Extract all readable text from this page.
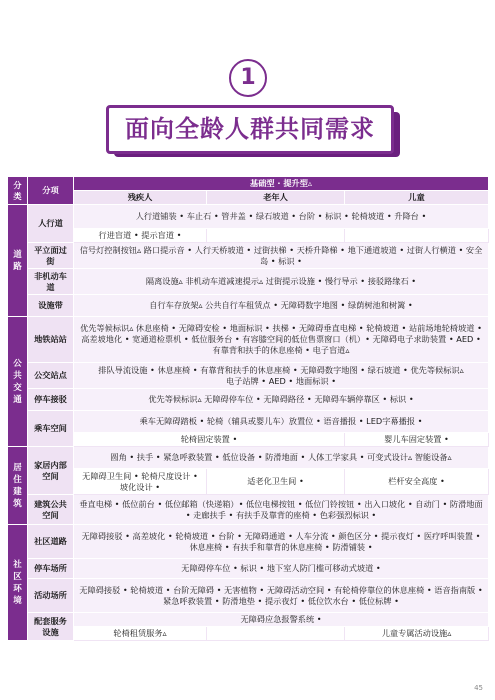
1
面向全龄人群共同需求
分类	分项	基础型 · 提升型▵		
		残疾人	老年人	儿童
道路	人行道	人行道铺装 • 车止石 • 管井盖 • 绿石坡道 • 台阶 • 标识 • 轮椅坡道 • 升降台 •		
		行进盲道 • 提示盲道 •		
	平立面过街	信号灯控制按钮▵ 路口提示音 • 人行天桥坡道 • 过街扶梯 • 天桥升降梯 • 地下通道坡道 • 过街人行横道 • 安全岛 • 标识 •		
	非机动车道	隔离设施▵ 非机动车道减速提示▵ 过街提示设施 • 慢行导示 • 接驳路缘石 •		
	设施带	自行车存放架▵ 公共自行车租赁点 • 无障碍数字地图 • 绿荫树池和树篱 •		
公共交通	地铁站站	优先等候标识▵ 休息座椅 • 无障碍安检 • 地面标识 • 扶梯 • 无障碍垂直电梯 • 轮椅坡道 • 站前场地轮椅坡道 • 高差坡地化 • 宽通道检票机 • 低位服务台 • 有容膝空间的低位售票窗口（机）• 无障碍电子求助装置 • AED • 有靠背和扶手的休息座椅 • 电子盲道▵		
	公交站点	排队导流设施 • 休息座椅 • 有靠背和扶手的休息座椅 • 无障碍数字地图 • 绿石坡道 • 优先等候标识▵
电子站牌 • AED • 地面标识 •		
	停车接驳	优先等候标识▵ 无障碍停车位 • 无障碍路径 • 无障碍车辆停靠区 • 标识 •		
	乘车空间	乘车无障碍踏板 • 轮椅（辅具或婴儿车）放置位 • 语音播报 • LED字幕播报 •		
		轮椅固定装置 •		婴儿车固定装置 •
居住建筑	家居内部空间	圆角 • 扶手 • 紧急呼救装置 • 低位设备 • 防滑地面 • 人体工学家具 • 可变式设计▵ 智能设备▵		
		无障碍卫生间 • 轮椅尺度设计 • 坡化设计 •	适老化卫生间 •	栏杆安全高度 •
	建筑公共空间	垂直电梯 • 低位前台 • 低位邮箱（快递箱）• 低位电梯按钮 • 低位门铃按钮 • 出入口坡化 • 自动门 • 防滑地面 • 走廊扶手 • 有扶手及靠背的座椅 • 色彩强烈标识 •		
社区环境	社区道路	无障碍接驳 • 高差坡化 • 轮椅坡道 • 台阶 • 无障碍通道 • 人车分流 • 颜色区分 • 提示夜灯 • 医疗呼叫装置 • 休息座椅 • 有扶手和靠背的休息座椅 • 防滑铺装 •		
	停车场所	无障碍停车位 • 标识 • 地下室人防门槛可移动式坡道 •		
	活动场所	无障碍接驳 • 轮椅坡道 • 台阶无障碍 • 无害植物 • 无障碍活动空间 • 有轮椅停靠位的休息座椅 • 语音指南版 • 紧急呼救装置 • 防滑地垫 • 提示夜灯 • 低位饮水台 • 低位标牌 •		
	配套服务设施	无障碍应急报警系统 •		
		轮椅租赁服务▵		儿童专属活动设施▵
45
